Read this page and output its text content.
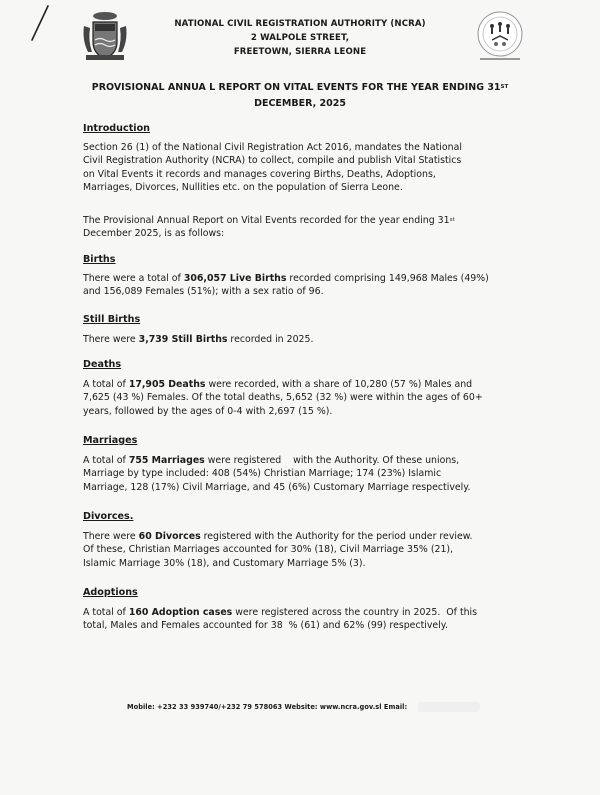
NATIONAL CIVIL REGISTRATION AUTHORITY (NCRA)
2 WALPOLE STREET,
FREETOWN, SIERRA LEONE
PROVISIONAL ANNUA L REPORT ON VITAL EVENTS FOR THE YEAR ENDING 31ST
DECEMBER, 2025
Introduction
Section 26 (1) of the National Civil Registration Act 2016, mandates the National
Civil Registration Authority (NCRA) to collect, compile and publish Vital Statistics
on Vital Events it records and manages covering Births, Deaths, Adoptions,
Marriages, Divorces, Nullities etc. on the population of Sierra Leone.
The Provisional Annual Report on Vital Events recorded for the year ending 31st
December 2025, is as follows:
Births
There were a total of 306,057 Live Births recorded comprising 149,968 Males (49%)
and 156,089 Females (51%); with a sex ratio of 96.
Still Births
There were 3,739 Still Births recorded in 2025.
Deaths
A total of 17,905 Deaths were recorded, with a share of 10,280 (57 %) Males and
7,625 (43 %) Females. Of the total deaths, 5,652 (32 %) were within the ages of 60+
years, followed by the ages of 0-4 with 2,697 (15 %).
Marriages
A total of 755 Marriages were registered    with the Authority. Of these unions,
Marriage by type included: 408 (54%) Christian Marriage; 174 (23%) Islamic
Marriage, 128 (17%) Civil Marriage, and 45 (6%) Customary Marriage respectively.
Divorces.
There were 60 Divorces registered with the Authority for the period under review.
Of these, Christian Marriages accounted for 30% (18), Civil Marriage 35% (21),
Islamic Marriage 30% (18), and Customary Marriage 5% (3).
Adoptions
A total of 160 Adoption cases were registered across the country in 2025.  Of this
total, Males and Females accounted for 38  % (61) and 62% (99) respectively.
Mobile: +232 33 939740/+232 79 578063 Website: www.ncra.gov.sl Email:
